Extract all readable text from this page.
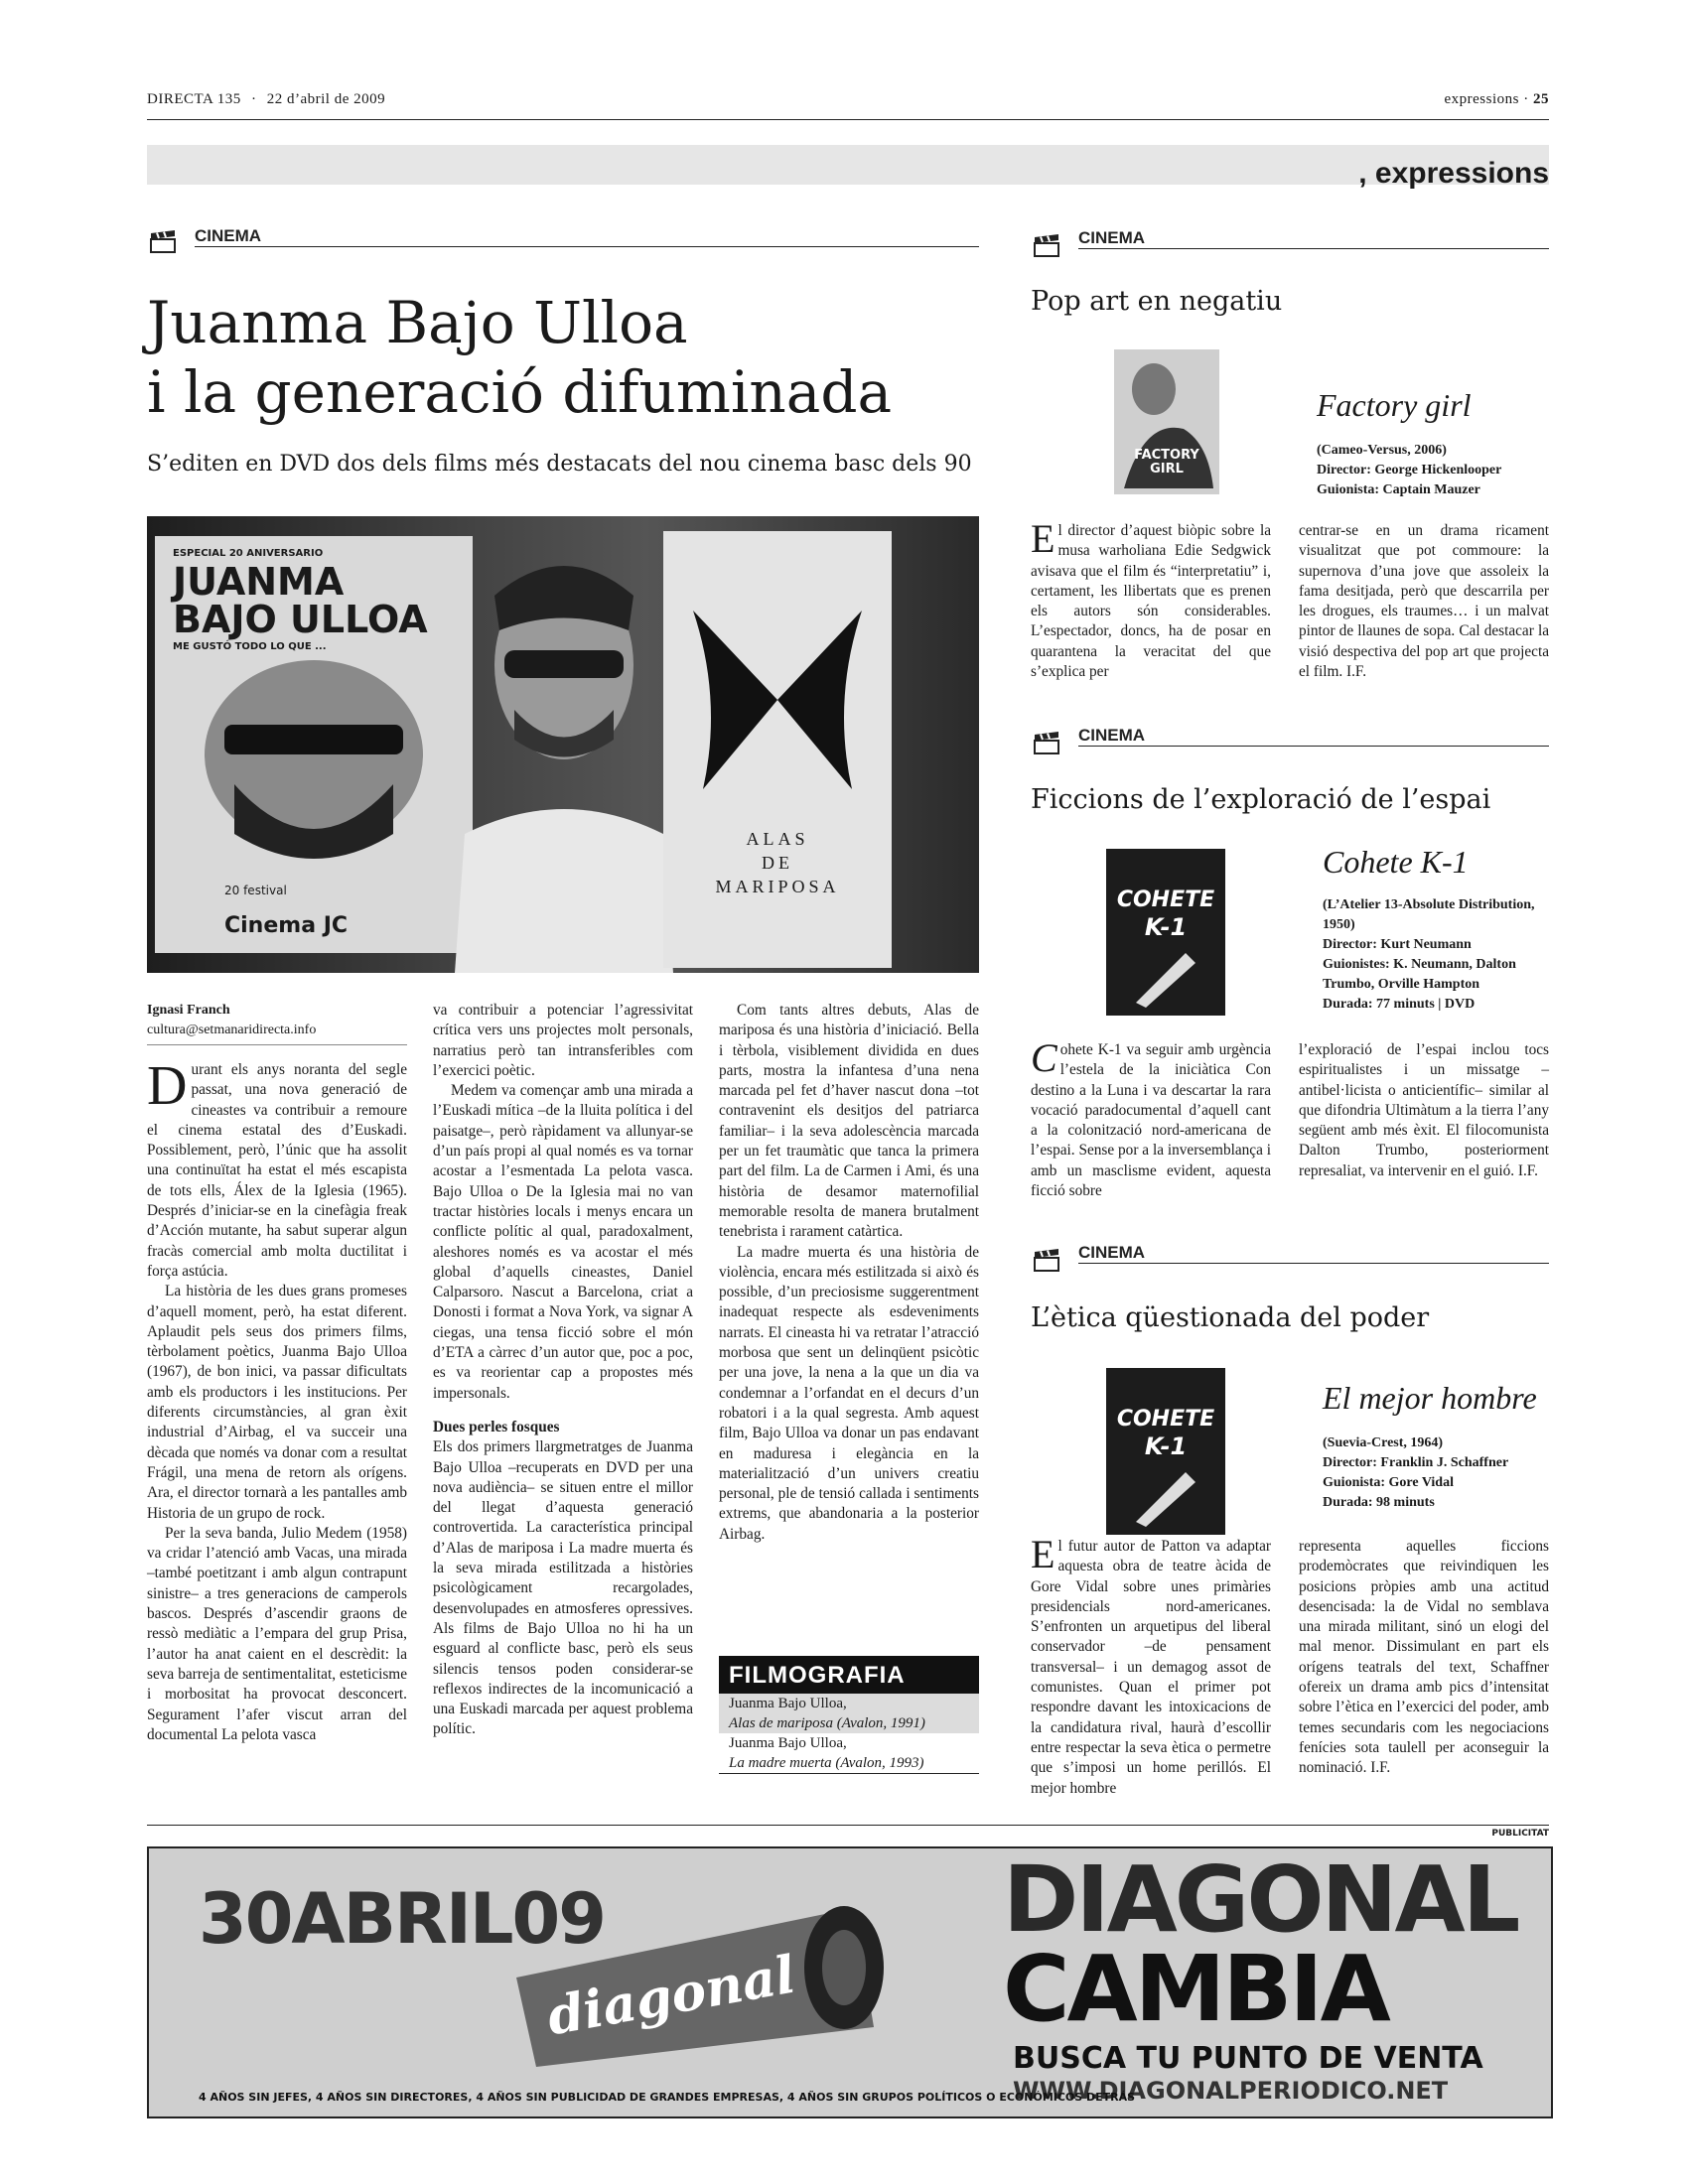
DIRECTA 135 · 22 d’abril de 2009	expressions · 25
, expressions
CINEMA
Juanma Bajo Ulloa
i la generació difuminada
S’editen en DVD dos dels films més destacats del nou cinema basc dels 90
ESPECIAL 20 ANIVERSARIO
JUANMA
BAJO ULLOA
ME GUSTÓ TODO LO QUE ...
20 festival
Cinema JC
ALAS
DE
MARIPOSA
Ignasi Franch
cultura@setmanaridirecta.info

Durant els anys noranta del segle passat, una nova generació de cineastes va contribuir a remoure el cinema estatal des d’Euskadi. Possiblement, però, l’únic que ha assolit una continuïtat ha estat el més escapista de tots ells, Álex de la Iglesia (1965). Després d’iniciar-se en la cinefàgia freak d’Acción mutante, ha sabut superar algun fracàs comercial amb molta ductilitat i força astúcia.

La història de les dues grans promeses d’aquell moment, però, ha estat diferent. Aplaudit pels seus dos primers films, tèrbolament poètics, Juanma Bajo Ulloa (1967), de bon inici, va passar dificultats amb els productors i les institucions. Per diferents circumstàncies, al gran èxit industrial d’Airbag, el va succeir una dècada que només va donar com a resultat Frágil, una mena de retorn als orígens. Ara, el director tornarà a les pantalles amb Historia de un grupo de rock.

Per la seva banda, Julio Medem (1958) va cridar l’atenció amb Vacas, una mirada –també poetitzant i amb algun contrapunt sinistre– a tres generacions de camperols bascos. Després d’ascendir graons de ressò mediàtic a l’empara del grup Prisa, l’autor ha anat caient en el descrèdit: la seva barreja de sentimentalitat, esteticisme i morbositat ha provocat desconcert. Segurament l’afer viscut arran del documental La pelota vasca

va contribuir a potenciar l’agressivitat crítica vers uns projectes molt personals, narratius però tan intransferibles com l’exercici poètic.

Medem va començar amb una mirada a l’Euskadi mítica –de la lluita política i del paisatge–, però ràpidament va allunyar-se d’un país propi al qual només es va tornar acostar a l’esmentada La pelota vasca. Bajo Ulloa o De la Iglesia mai no van tractar històries locals i menys encara un conflicte polític al qual, paradoxalment, aleshores només es va acostar el més global d’aquells cineastes, Daniel Calparsoro. Nascut a Barcelona, criat a Donosti i format a Nova York, va signar A ciegas, una tensa ficció sobre el món d’ETA a càrrec d’un autor que, poc a poc, es va reorientar cap a propostes més impersonals.

Dues perles fosques

Els dos primers llargmetratges de Juanma Bajo Ulloa –recuperats en DVD per una nova audiència– se situen entre el millor del llegat d’aquesta generació controvertida. La característica principal d’Alas de mariposa i La madre muerta és la seva mirada estilitzada a històries psicològicament recargolades, desenvolupades en atmosferes opressives. Als films de Bajo Ulloa no hi ha un esguard al conflicte basc, però els seus silencis tensos poden considerar-se reflexos indirectes de la incomunicació a una Euskadi marcada per aquest problema polític.

Com tants altres debuts, Alas de mariposa és una història d’iniciació. Bella i tèrbola, visiblement dividida en dues parts, mostra la infantesa d’una nena marcada pel fet d’haver nascut dona –tot contravenint els desitjos del patriarca familiar– i la seva adolescència marcada per un fet traumàtic que tanca la primera part del film. La de Carmen i Ami, és una història de desamor maternofilial memorable resolta de manera brutalment tenebrista i rarament catàrtica.

La madre muerta és una història de violència, encara més estilitzada si això és possible, d’un preciosisme suggerentment inadequat respecte als esdeveniments narrats. El cineasta hi va retratar l’atracció morbosa que sent un delinqüent psicòtic per una jove, la nena a la que un dia va condemnar a l’orfandat en el decurs d’un robatori i a la qual segresta. Amb aquest film, Bajo Ulloa va donar un pas endavant en maduresa i elegància en la materialització d’un univers creatiu personal, ple de tensió callada i sentiments extrems, que abandonaria a la posterior Airbag.

FILMOGRAFIA
Juanma Bajo Ulloa,
Alas de mariposa (Avalon, 1991)
Juanma Bajo Ulloa,
La madre muerta (Avalon, 1993)
CINEMA
Pop art en negatiu
FACTORY GIRL
Factory girl
(Cameo-Versus, 2006)
Director: George Hickenlooper
Guionista: Captain Mauzer

El director d’aquest biòpic sobre la musa warholiana Edie Sedgwick avisava que el film és “interpretatiu” i, certament, les llibertats que es prenen els autors són considerables. L’espectador, doncs, ha de posar en quarantena la veracitat del que s’explica per

centrar-se en un drama ricament visualitzat que pot commoure: la supernova d’una jove que assoleix la fama desitjada, però que descarrila per les drogues, els traumes… i un malvat pintor de llaunes de sopa. Cal destacar la visió despectiva del pop art que projecta el film. I.F.

CINEMA
Ficcions de l’exploració de l’espai
COHETE
K-1
Cohete K-1
(L’Atelier 13-Absolute Distribution, 1950)
Director: Kurt Neumann
Guionistes: K. Neumann, Dalton Trumbo, Orville Hampton
Durada: 77 minuts | DVD

Cohete K-1 va seguir amb urgència l’estela de la iniciàtica Con destino a la Luna i va descartar la rara vocació paradocumental d’aquell cant a la colonització nord-americana de l’espai. Sense por a la inversemblança i amb un masclisme evident, aquesta ficció sobre

l’exploració de l’espai inclou tocs espiritualistes i un missatge –antibel·licista o anticientífic– similar al que difondria Ultimàtum a la tierra l’any següent amb més èxit. El filocomunista Dalton Trumbo, posteriorment represaliat, va intervenir en el guió. I.F.

CINEMA
L’ètica qüestionada del poder
COHETE
K-1
El mejor hombre
(Suevia-Crest, 1964)
Director: Franklin J. Schaffner
Guionista: Gore Vidal
Durada: 98 minuts

El futur autor de Patton va adaptar aquesta obra de teatre àcida de Gore Vidal sobre unes primàries presidencials nord-americanes. S’enfronten un arquetipus del liberal conservador –de pensament transversal– i un demagog assot de comunistes. Quan el primer pot respondre davant les intoxicacions de la candidatura rival, haurà d’escollir entre respectar la seva ètica o permetre que s’imposi un home perillós. El mejor hombre

representa aquelles ficcions prodemòcrates que reivindiquen les posicions pròpies amb una actitud desencisada: la de Vidal no semblava una mirada militant, sinó un elogi del mal menor. Dissimulant en part els orígens teatrals del text, Schaffner ofereix un drama amb pics d’intensitat sobre l’ètica en l’exercici del poder, amb temes secundaris com les negociacions fenícies sota taulell per aconseguir la nominació. I.F.

PUBLICITAT
30ABRIL09
diagonal
DIAGONAL
CAMBIA
BUSCA TU PUNTO DE VENTA
WWW.DIAGONALPERIODICO.NET
4 AÑOS SIN JEFES, 4 AÑOS SIN DIRECTORES, 4 AÑOS SIN PUBLICIDAD DE GRANDES EMPRESAS, 4 AÑOS SIN GRUPOS POLÍTICOS O ECONÓMICOS DETRÁS
